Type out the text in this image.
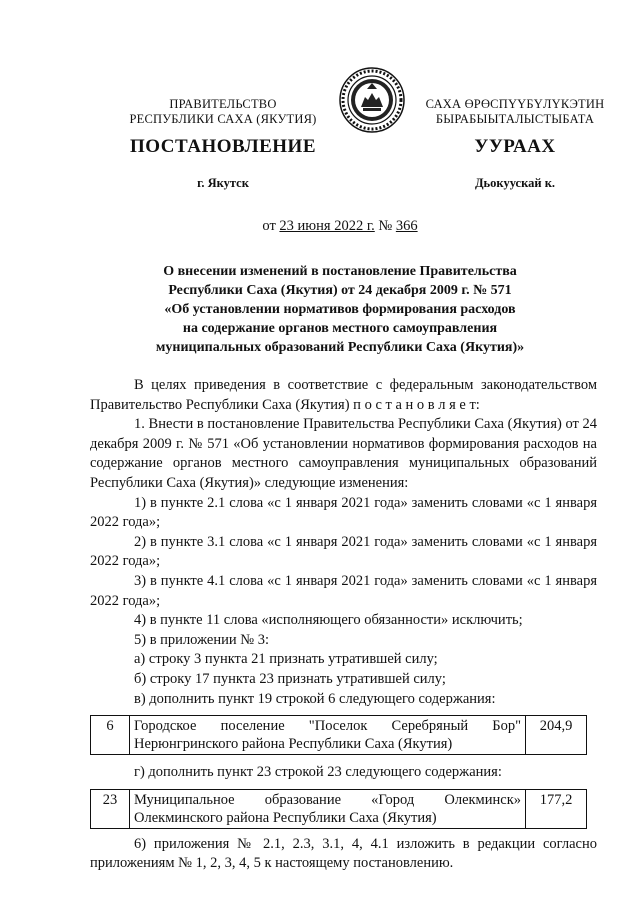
ПРАВИТЕЛЬСТВО
РЕСПУБЛИКИ САХА (ЯКУТИЯ)
САХА ӨРӨСПҮҮБҮЛҮКЭТИН
БЫРАБЫЫТАЛЫСТЫБАТА
ПОСТАНОВЛЕНИЕ	УУРААХ
г. Якутск	Дьокуускай к.
от 23 июня 2022 г. № 366
О внесении изменений в постановление Правительства
Республики Саха (Якутия) от 24 декабря 2009 г. № 571
«Об установлении нормативов формирования расходов
на содержание органов местного самоуправления
муниципальных образований Республики Саха (Якутия)»
В целях приведения в соответствие с федеральным законодательством Правительство Республики Саха (Якутия) п о с т а н о в л я е т:
1. Внести в постановление Правительства Республики Саха (Якутия) от 24 декабря 2009 г. № 571 «Об установлении нормативов формирования расходов на содержание органов местного самоуправления муниципальных образований Республики Саха (Якутия)» следующие изменения:
1) в пункте 2.1 слова «с 1 января 2021 года» заменить словами «с 1 января 2022 года»;
2) в пункте 3.1 слова «с 1 января 2021 года» заменить словами «с 1 января 2022 года»;
3) в пункте 4.1 слова «с 1 января 2021 года» заменить словами «с 1 января 2022 года»;
4) в пункте 11 слова «исполняющего обязанности» исключить;
5) в приложении № 3:
а) строку 3 пункта 21 признать утратившей силу;
б) строку 17 пункта 23 признать утратившей силу;
в) дополнить пункт 19 строкой 6 следующего содержания:
6	Городское поселение "Поселок Серебряный Бор" Нерюнгринского района Республики Саха (Якутия)	204,9
г) дополнить пункт 23 строкой 23 следующего содержания:
23	Муниципальное образование «Город Олекминск» Олекминского района Республики Саха (Якутия)	177,2
6) приложения № 2.1, 2.3, 3.1, 4, 4.1 изложить в редакции согласно приложениям № 1, 2, 3, 4, 5 к настоящему постановлению.
